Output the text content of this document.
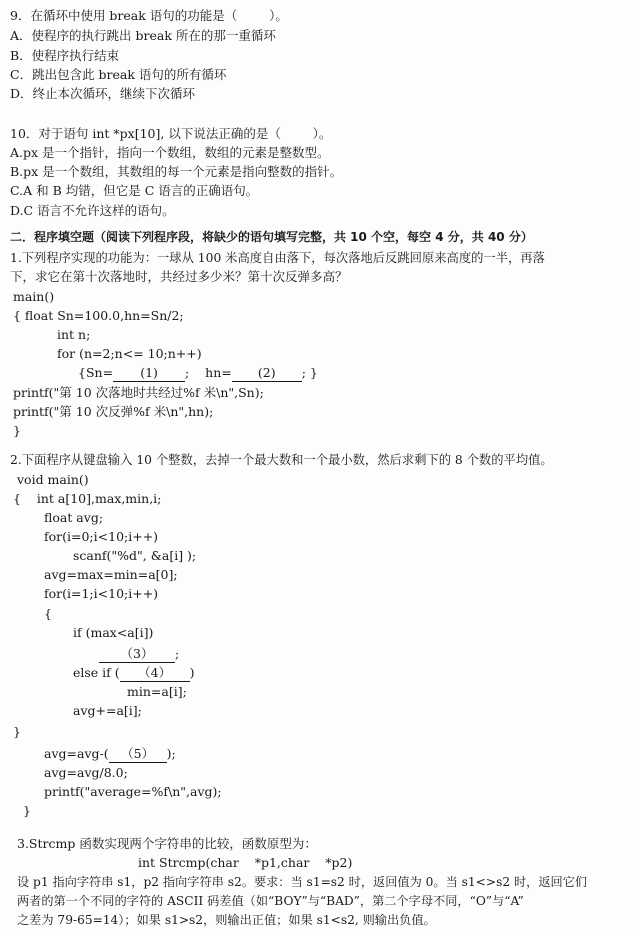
9．在循环中使用 break 语句的功能是（        ）。
A．使程序的执行跳出 break 所在的那一重循环
B．使程序执行结束
C．跳出包含此 break 语句的所有循环
D．终止本次循环，继续下次循环
10．对于语句 int *px[10], 以下说法正确的是（        ）。
A.px 是一个指针，指向一个数组，数组的元素是整数型。
B.px 是一个数组，其数组的每一个元素是指向整数的指针。
C.A 和 B 均错，但它是 C 语言的正确语句。
D.C 语言不允许这样的语句。
二．程序填空题（阅读下列程序段，将缺少的语句填写完整，共 10 个空，每空 4 分，共 40 分）
1.下列程序实现的功能为：一球从 100 米高度自由落下，每次落地后反跳回原来高度的一半，再落
下，求它在第十次落地时，共经过多少米？第十次反弹多高？
main()
{ float Sn=100.0,hn=Sn/2;
int n;
for (n=2;n<= 10;n++)
{Sn= (1) ;    hn= (2) ; }
printf("第 10 次落地时共经过%f 米\n",Sn);
printf("第 10 次反弹%f 米\n",hn);
}
2.下面程序从键盘输入 10 个整数，去掉一个最大数和一个最小数，然后求剩下的 8 个数的平均值。
void main()
{    int a[10],max,min,i;
float avg;
for(i=0;i<10;i++)
scanf("%d", &a[i] );
avg=max=min=a[0];
for(i=1;i<10;i++)
{
if (max<a[i])
（3） ;
else if ( （4） )
min=a[i];
avg+=a[i];
}
avg=avg-( （5） );
avg=avg/8.0;
printf("average=%f\n",avg);
}
3.Strcmp 函数实现两个字符串的比较，函数原型为：
int Strcmp(char    *p1,char    *p2)
设 p1 指向字符串 s1，p2 指向字符串 s2。要求：当 s1=s2 时，返回值为 0。当 s1<>s2 时，返回它们
两者的第一个不同的字符的 ASCII 码差值（如“BOY”与“BAD”，第二个字母不同，“O”与“A”
之差为 79-65=14）；如果 s1>s2，则输出正值；如果 s1<s2, 则输出负值。
